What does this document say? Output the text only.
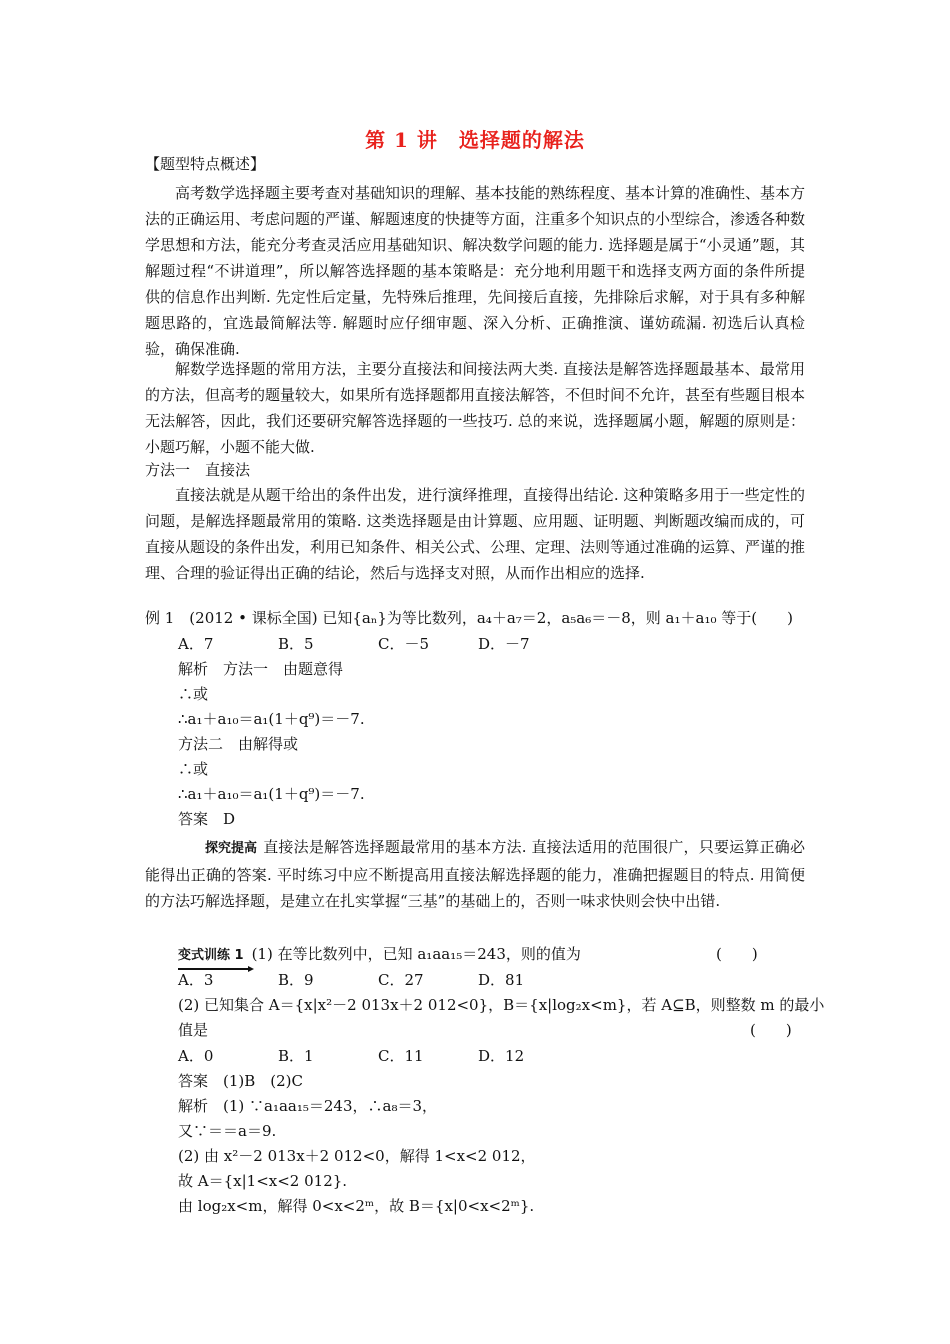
第 1 讲　选择题的解法
【题型特点概述】

高考数学选择题主要考查对基础知识的理解、基本技能的熟练程度、基本计算的准确性、基本方法的正确运用、考虑问题的严谨、解题速度的快捷等方面，注重多个知识点的小型综合，渗透各种数学思想和方法，能充分考查灵活应用基础知识、解决数学问题的能力. 选择题是属于“小灵通”题，其解题过程“不讲道理”，所以解答选择题的基本策略是：充分地利用题干和选择支两方面的条件所提供的信息作出判断. 先定性后定量，先特殊后推理，先间接后直接，先排除后求解，对于具有多种解题思路的，宜选最简解法等. 解题时应仔细审题、深入分析、正确推演、谨妨疏漏. 初选后认真检验，确保准确.

解数学选择题的常用方法，主要分直接法和间接法两大类. 直接法是解答选择题最基本、最常用的方法，但高考的题量较大，如果所有选择题都用直接法解答，不但时间不允许，甚至有些题目根本无法解答，因此，我们还要研究解答选择题的一些技巧. 总的来说，选择题属小题，解题的原则是：小题巧解，小题不能大做.

方法一　直接法

直接法就是从题干给出的条件出发，进行演绎推理，直接得出结论. 这种策略多用于一些定性的问题，是解选择题最常用的策略. 这类选择题是由计算题、应用题、证明题、判断题改编而成的，可直接从题设的条件出发，利用已知条件、相关公式、公理、定理、法则等通过准确的运算、严谨的推理、合理的验证得出正确的结论，然后与选择支对照，从而作出相应的选择.

例 1　(2012 • 课标全国) 已知{aₙ}为等比数列，a₄＋a₇＝2，a₅a₆＝－8，则 a₁＋a₁₀ 等于(　　)
A．7	B．5	C．－5	D．－7
解析　方法一　由题意得
∴或
∴a₁＋a₁₀＝a₁(1＋q⁹)＝－7.
方法二　由解得或
∴或
∴a₁＋a₁₀＝a₁(1＋q⁹)＝－7.
答案　D

探究提高 直接法是解答选择题最常用的基本方法. 直接法适用的范围很广，只要运算正确必能得出正确的答案. 平时练习中应不断提高用直接法解选择题的能力，准确把握题目的特点. 用简便的方法巧解选择题，是建立在扎实掌握“三基”的基础上的，否则一味求快则会快中出错.

变式训练 1 (1) 在等比数列中，已知 a₁aa₁₅＝243，则的值为	(　　)
A．3	B．9	C．27	D．81
(2) 已知集合 A＝{x|x²－2 013x＋2 012<0}，B＝{x|log₂x<m}，若 A⊆B，则整数 m 的最小
值是	(　　)
A．0	B．1	C．11	D．12
答案　(1)B　(2)C
解析　(1) ∵a₁aa₁₅＝243，∴a₈＝3，
又∵＝＝a＝9.
(2) 由 x²－2 013x＋2 012<0，解得 1<x<2 012，
故 A＝{x|1<x<2 012}.
由 log₂x<m，解得 0<x<2ᵐ，故 B＝{x|0<x<2ᵐ}.
